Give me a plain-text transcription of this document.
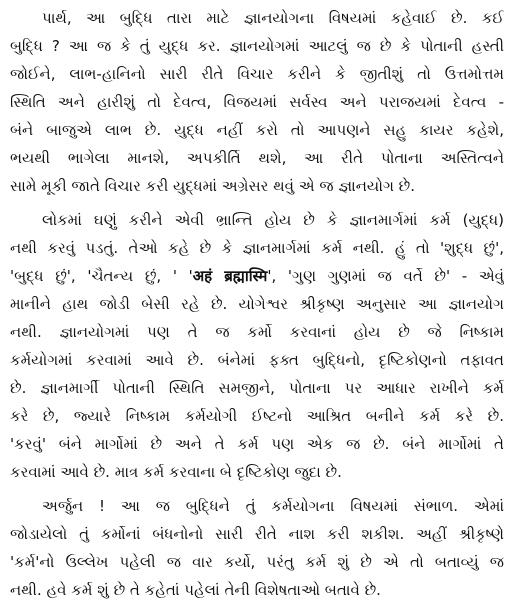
પાર્થ, આ બુદ્ધિ તારા માટે જ્ઞાનયોગના વિષયમાં કહેવાઈ છે. કઈ
બુદ્ધિ ? આ જ કે તું યુદ્ધ કર. જ્ઞાનયોગમાં આટલું જ છે કે પોતાની હસ્તી
જોઈને, લાભ-હાનિનો સારી રીતે વિચાર કરીને કે જીતીશું તો ઉત્તમોત્તમ
સ્થિતિ અને હારીશું તો દેવત્વ, વિજયમાં સર્વસ્વ અને પરાજયમાં દેવત્વ -
બંને બાજુએ લાભ છે. યુદ્ધ નહીં કરો તો આપણને સહુ કાયર કહેશે,
ભયથી ભાગેલા માનશે, અપકીર્તિ થશે, આ રીતે પોતાના અસ્તિત્વને
સામે મૂકી જાતે વિચાર કરી યુદ્ધમાં અગ્રેસર થવું એ જ જ્ઞાનયોગ છે.
લોકમાં ઘણું કરીને એવી ભ્રાન્તિ હોય છે કે જ્ઞાનમાર્ગમાં કર્મ (યુદ્ધ)
નથી કરવું પડતું. તેઓ કહે છે કે જ્ઞાનમાર્ગમાં કર્મ નથી. હું તો 'શુદ્ધ છું',
'બુદ્ધ છું', 'ચૈતન્ય છું, ' 'अहं ब्रह्मास्मि', 'ગુણ ગુણમાં જ વર્તે છે' - એવું
માનીને હાથ જોડી બેસી રહે છે. યોગેશ્વર શ્રીકૃષ્ણ અનુસાર આ જ્ઞાનયોગ
નથી. જ્ઞાનયોગમાં પણ તે જ કર્મો કરવાનાં હોય છે જે નિષ્કામ
કર્મયોગમાં કરવામાં આવે છે. બંનેમાં ફક્ત બુદ્ધિનો, દૃષ્ટિકોણનો તફાવત
છે. જ્ઞાનમાર્ગી પોતાની સ્થિતિ સમજીને, પોતાના પર આધાર રાખીને કર્મ
કરે છે, જ્યારે નિષ્કામ કર્મયોગી ઈષ્ટનો આશ્રિત બનીને કર્મ કરે છે.
'કરવું' બંને માર્ગોમાં છે અને તે કર્મ પણ એક જ છે. બંને માર્ગોમાં તે
કરવામાં આવે છે. માત્ર કર્મ કરવાના બે દૃષ્ટિકોણ જુદા છે.
અર્જુન ! આ જ બુદ્ધિને તું કર્મયોગના વિષયમાં સંભાળ. એમાં
જોડાયેલો તું કર્મોનાં બંધનોનો સારી રીતે નાશ કરી શકીશ. અહીં શ્રીકૃષ્ણે
'કર્મ'નો ઉલ્લેખ પહેલી જ વાર કર્યો, પરંતુ કર્મ શું છે એ તો બતાવ્યું જ
નથી. હવે કર્મ શું છે તે કહેતાં પહેલાં તેની વિશેષતાઓ બતાવે છે.
